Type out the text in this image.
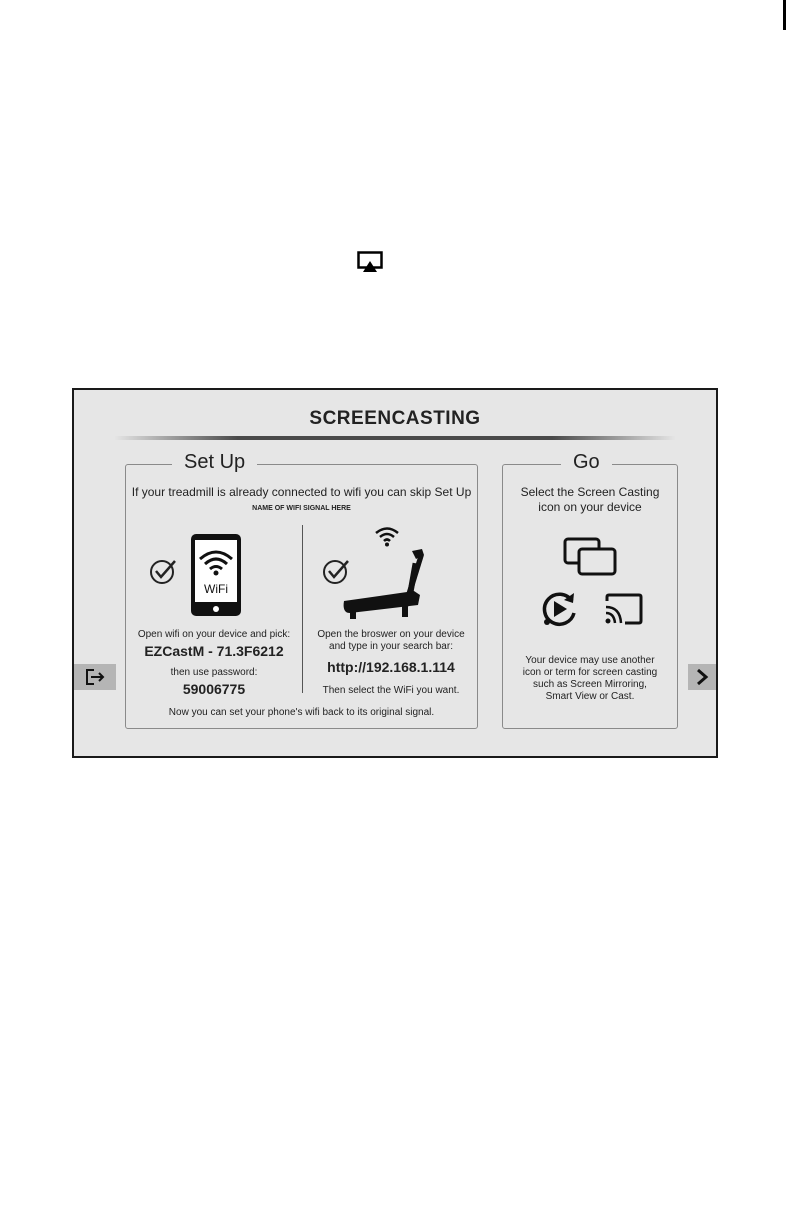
SCREENCASTING
Set Up
If your treadmill is already connected to wifi you can skip Set Up
NAME OF WIFI SIGNAL HERE
WiFi
Open wifi on your device and pick:
EZCastM - 71.3F6212
then use password:
59006775
Open the broswer on your device
and type in your search bar:
http://192.168.1.114
Then select the WiFi you want.
Now you can set your phone's wifi back to its original signal.
Go
Select the Screen Casting
icon on your device
Your device may use another
icon or term for screen casting
such as Screen Mirroring,
Smart View or Cast.
